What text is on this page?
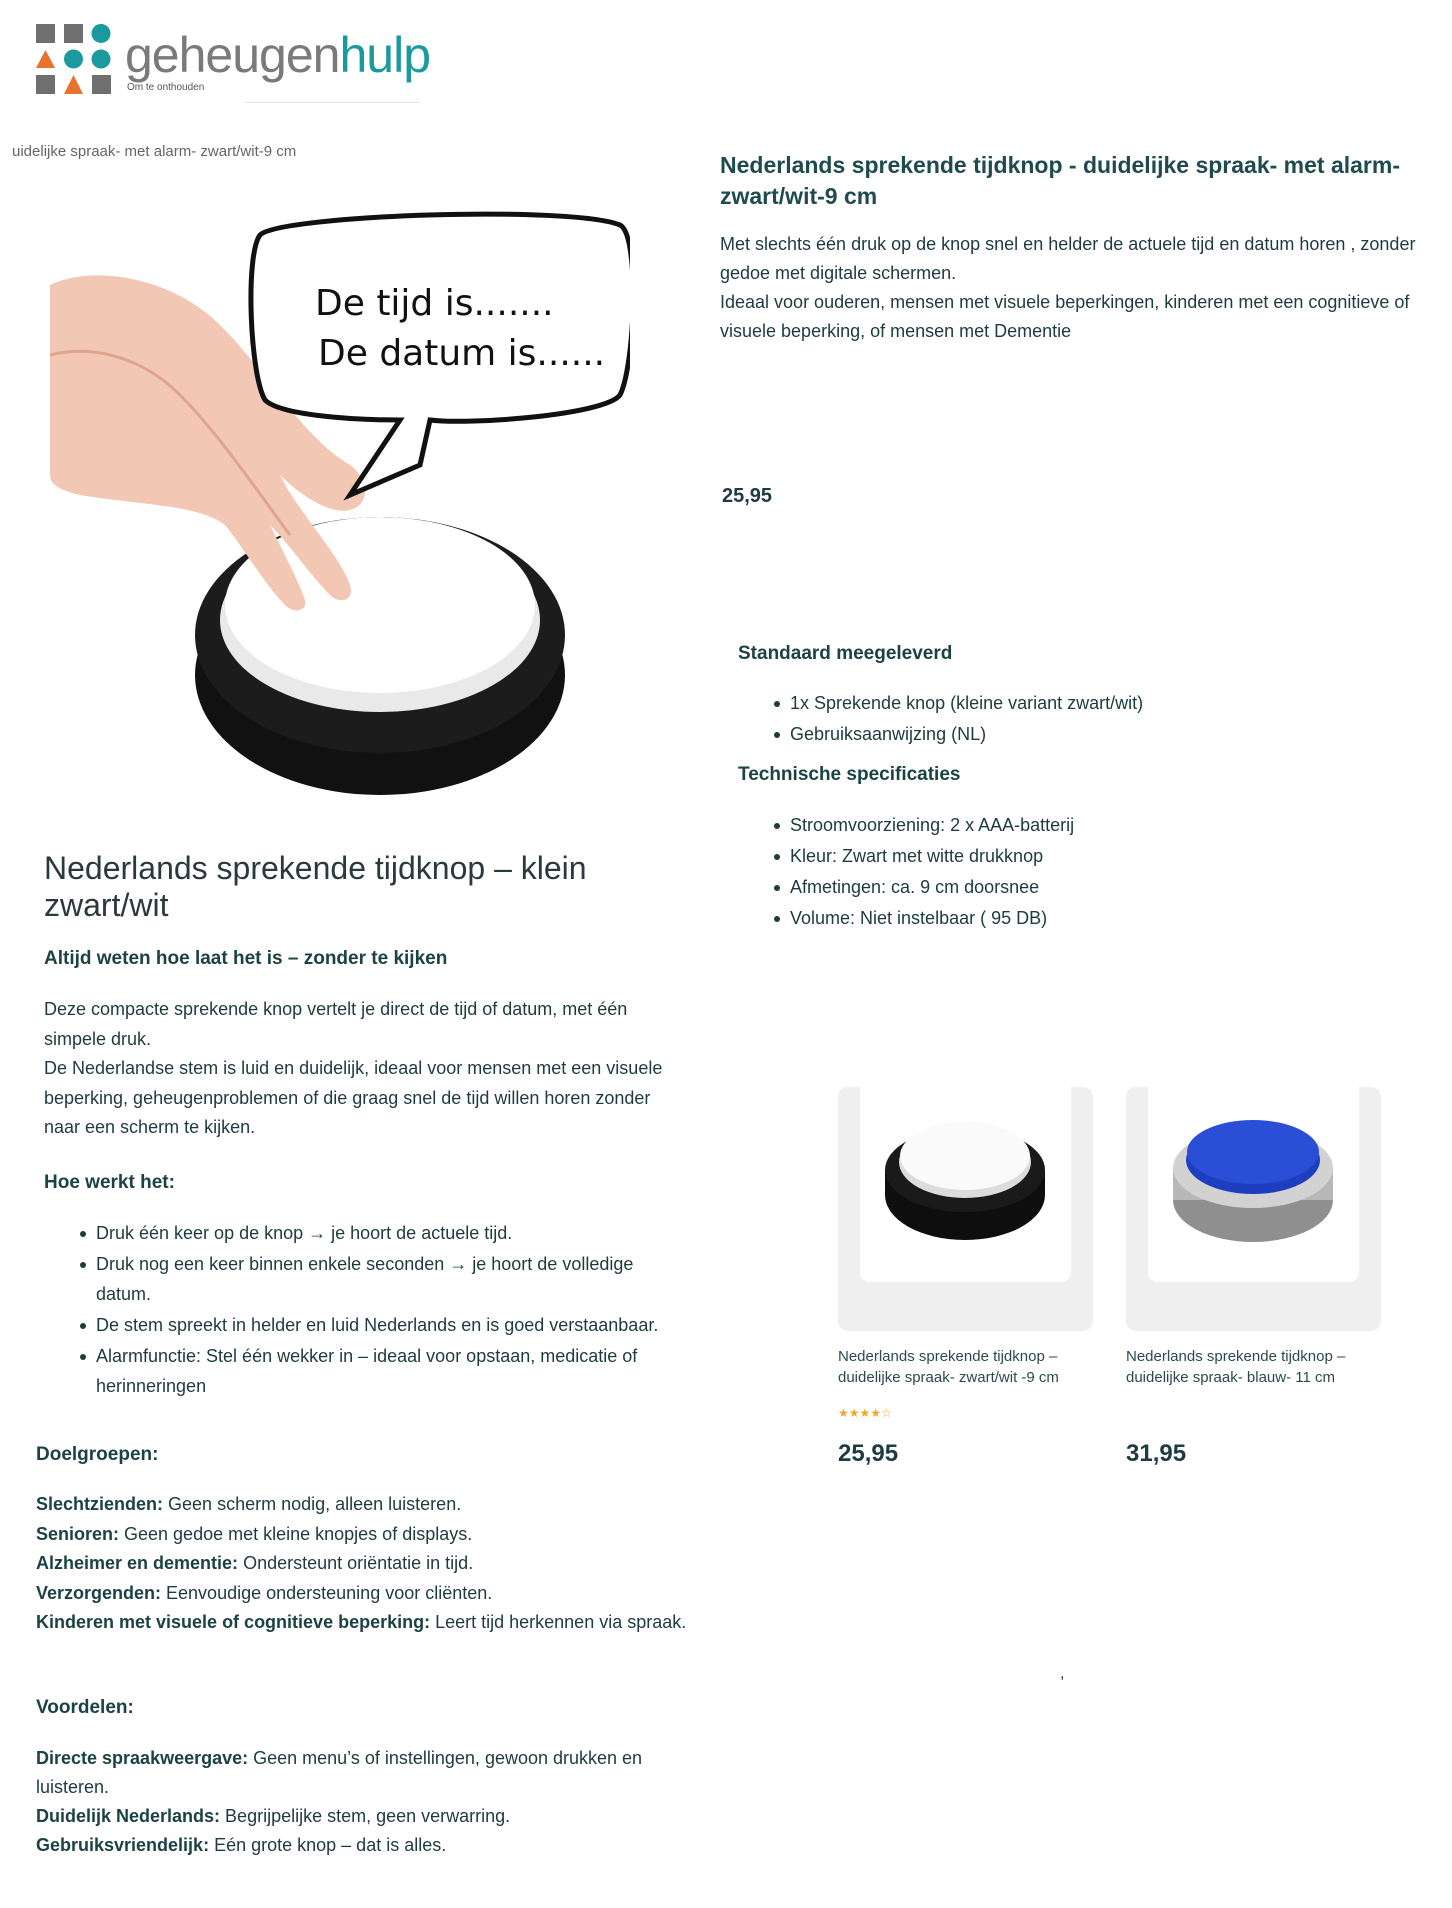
geheugenhulp
Om te onthouden
uidelijke spraak- met alarm- zwart/wit-9 cm
De tijd is.......
De datum is......
Nederlands sprekende tijdknop - duidelijke spraak- met alarm- zwart/wit-9 cm
Met slechts één druk op de knop snel en helder de actuele tijd en datum horen , zonder gedoe met digitale schermen.
Ideaal voor ouderen, mensen met visuele beperkingen, kinderen met een cognitieve of visuele beperking, of mensen met Dementie
25,95
Standaard meegeleverd
1x Sprekende knop (kleine variant zwart/wit)
Gebruiksaanwijzing (NL)
Technische specificaties
Stroomvoorziening: 2 x AAA-batterij
Kleur: Zwart met witte drukknop
Afmetingen: ca. 9 cm doorsnee
Volume: Niet instelbaar ( 95 DB)
Nederlands sprekende tijdknop – klein zwart/wit
Altijd weten hoe laat het is – zonder te kijken
Deze compacte sprekende knop vertelt je direct de tijd of datum, met één simpele druk.
De Nederlandse stem is luid en duidelijk, ideaal voor mensen met een visuele beperking, geheugenproblemen of die graag snel de tijd willen horen zonder naar een scherm te kijken.
Hoe werkt het:
Druk één keer op de knop → je hoort de actuele tijd.
Druk nog een keer binnen enkele seconden → je hoort de volledige datum.
De stem spreekt in helder en luid Nederlands en is goed verstaanbaar.
Alarmfunctie: Stel één wekker in – ideaal voor opstaan, medicatie of herinneringen
Doelgroepen:
Slechtzienden: Geen scherm nodig, alleen luisteren.
Senioren: Geen gedoe met kleine knopjes of displays.
Alzheimer en dementie: Ondersteunt oriëntatie in tijd.
Verzorgenden: Eenvoudige ondersteuning voor cliënten.
Kinderen met visuele of cognitieve beperking: Leert tijd herkennen via spraak.
Voordelen:
Directe spraakweergave: Geen menu’s of instellingen, gewoon drukken en luisteren.
Duidelijk Nederlands: Begrijpelijke stem, geen verwarring.
Gebruiksvriendelijk: Eén grote knop – dat is alles.
Nederlands sprekende tijdknop – duidelijke spraak- zwart/wit -9 cm
★★★★☆
25,95
Nederlands sprekende tijdknop – duidelijke spraak- blauw- 11 cm
31,95
,
